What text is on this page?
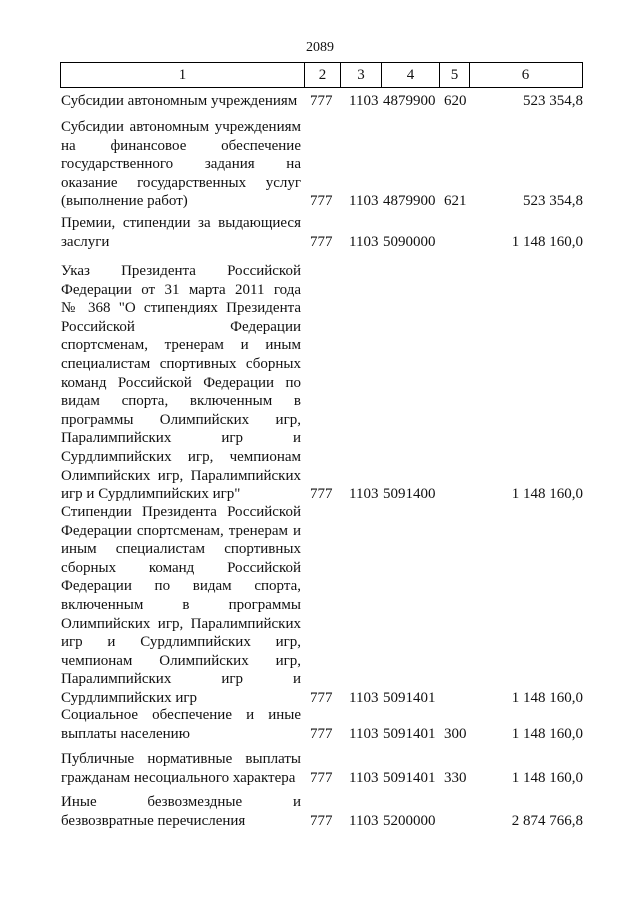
2089
1	2	3	4	5	6
Субсидии автономным учреждениям 777 1103 4879900 620	523 354,8
Субсидии автономным учреждениям
на финансовое обеспечение
государственного задания на
оказание государственных услуг
(выполнение работ)	777 1103 4879900 621	523 354,8
Премии, стипендии за выдающиеся
заслуги	777 1103 5090000	1 148 160,0
Указ Президента Российской
Федерации от 31 марта 2011 года
№ 368 "О стипендиях Президента
Российской Федерации
спортсменам, тренерам и иным
специалистам спортивных сборных
команд Российской Федерации по
видам спорта, включенным в
программы Олимпийских игр,
Паралимпийских игр и
Сурдлимпийских игр, чемпионам
Олимпийских игр, Паралимпийских
игр и Сурдлимпийских игр"	777 1103 5091400	1 148 160,0
Стипендии Президента Российской
Федерации спортсменам, тренерам и
иным специалистам спортивных
сборных команд Российской
Федерации по видам спорта,
включенным в программы
Олимпийских игр, Паралимпийских
игр и Сурдлимпийских игр,
чемпионам Олимпийских игр,
Паралимпийских игр и
Сурдлимпийских игр	777 1103 5091401	1 148 160,0
Социальное обеспечение и иные
выплаты населению	777 1103 5091401 300	1 148 160,0
Публичные нормативные выплаты
гражданам несоциального характера 777 1103 5091401 330	1 148 160,0
Иные безвозмездные и
безвозвратные перечисления	777 1103 5200000	2 874 766,8
